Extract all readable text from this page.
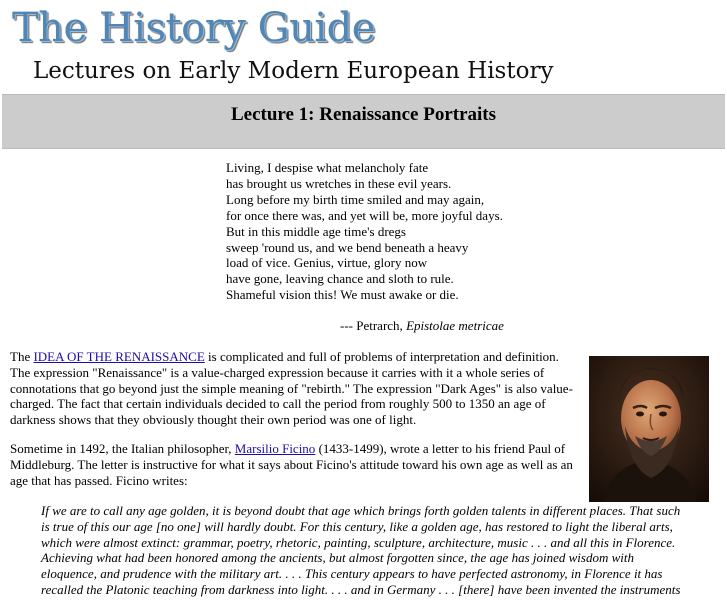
The History Guide
Lectures on Early Modern European History
Lecture 1: Renaissance Portraits
Living, I despise what melancholy fate
has brought us wretches in these evil years.
Long before my birth time smiled and may again,
for once there was, and yet will be, more joyful days.
But in this middle age time's dregs
sweep 'round us, and we bend beneath a heavy
load of vice. Genius, virtue, glory now
have gone, leaving chance and sloth to rule.
Shameful vision this! We must awake or die.
--- Petrarch, Epistolae metricae

The IDEA OF THE RENAISSANCE is complicated and full of problems of interpretation and definition. The expression "Renaissance" is a value-charged expression because it carries with it a whole series of connotations that go beyond just the simple meaning of "rebirth." The expression "Dark Ages" is also value-charged. The fact that certain individuals decided to call the period from roughly 500 to 1350 an age of darkness shows that they obviously thought their own period was one of light.

Sometime in 1492, the Italian philosopher, Marsilio Ficino (1433-1499), wrote a letter to his friend Paul of Middleburg. The letter is instructive for what it says about Ficino's attitude toward his own age as well as an age that has passed. Ficino writes:

If we are to call any age golden, it is beyond doubt that age which brings forth golden talents in different places. That such is true of this our age [no one] will hardly doubt. For this century, like a golden age, has restored to light the liberal arts, which were almost extinct: grammar, poetry, rhetoric, painting, sculpture, architecture, music . . . and all this in Florence. Achieving what had been honored among the ancients, but almost forgotten since, the age has joined wisdom with eloquence, and prudence with the military art. . . . This century appears to have perfected astronomy, in Florence it has recalled the Platonic teaching from darkness into light. . . . and in Germany . . . [there] have been invented the instruments
